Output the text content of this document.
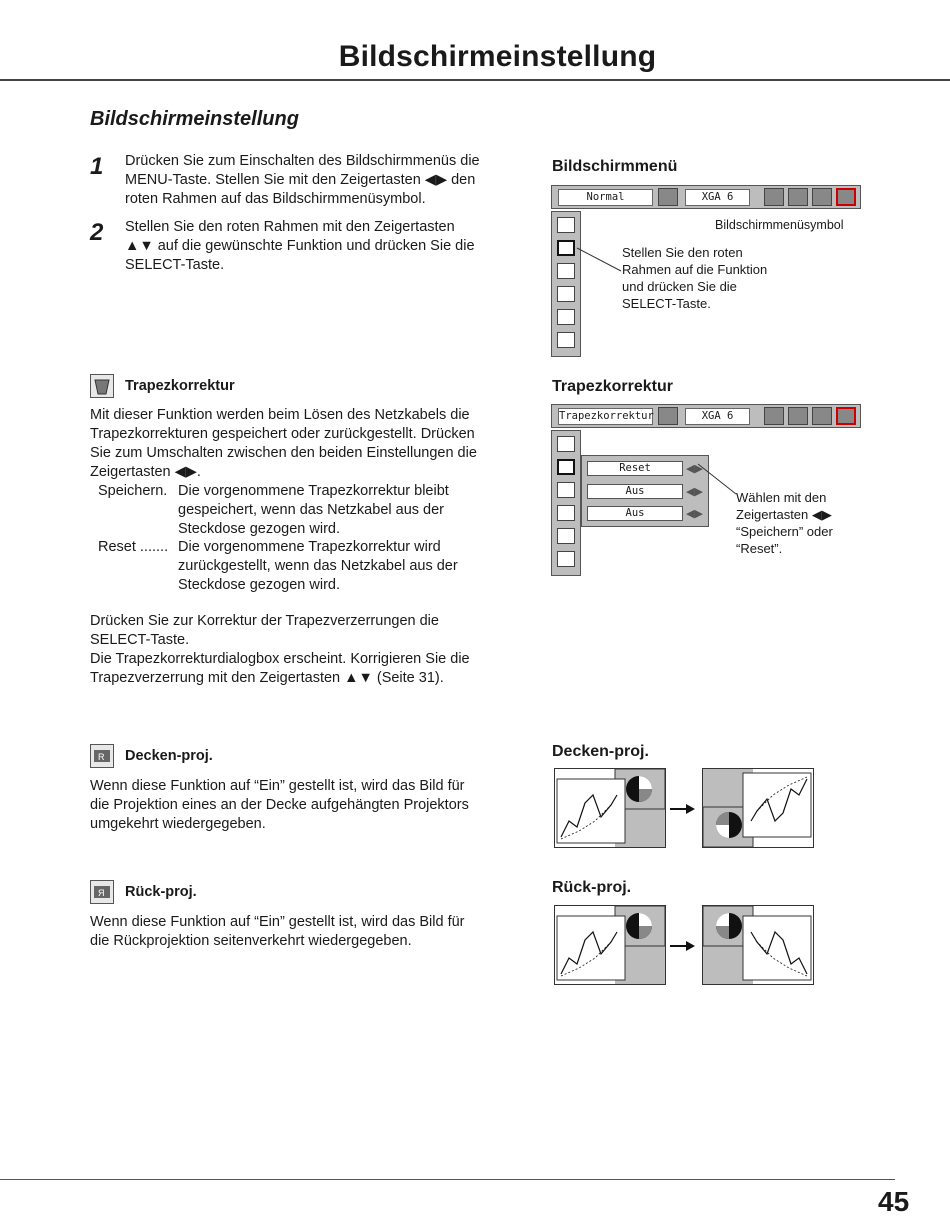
Bildschirmeinstellung
Bildschirmeinstellung
1 Drücken Sie zum Einschalten des Bildschirmmenüs die
MENU-Taste. Stellen Sie mit den Zeigertasten ◀▶ den
roten Rahmen auf das Bildschirmmenüsymbol.
2 Stellen Sie den roten Rahmen mit den Zeigertasten
▲▼ auf die gewünschte Funktion und drücken Sie die
SELECT-Taste.
Bildschirmmenü
Normal	XGA 6
Bildschirmmenüsymbol
Stellen Sie den roten
Rahmen auf die Funktion
und drücken Sie die
SELECT-Taste.
Trapezkorrektur
Mit dieser Funktion werden beim Lösen des Netzkabels die
Trapezkorrekturen gespeichert oder zurückgestellt. Drücken
Sie zum Umschalten zwischen den beiden Einstellungen die
Zeigertasten ◀▶.
Speichern. Die vorgenommene Trapezkorrektur bleibt
gespeichert, wenn das Netzkabel aus der
Steckdose gezogen wird.
Reset ....... Die vorgenommene Trapezkorrektur wird
zurückgestellt, wenn das Netzkabel aus der
Steckdose gezogen wird.
Drücken Sie zur Korrektur der Trapezverzerrungen die
SELECT-Taste.
Die Trapezkorrekturdialogbox erscheint. Korrigieren Sie die
Trapezverzerrung mit den Zeigertasten ▲▼ (Seite 31).
Trapezkorrektur
Trapezkorrektur	XGA 6
Reset
Aus
Aus
◀▶
◀▶
◀▶
Wählen mit den
Zeigertasten ◀▶
“Speichern” oder
“Reset”.
R Decken-proj.
Wenn diese Funktion auf “Ein” gestellt ist, wird das Bild für
die Projektion eines an der Decke aufgehängten Projektors
umgekehrt wiedergegeben.
Decken-proj.
Я Rück-proj.
Wenn diese Funktion auf “Ein” gestellt ist, wird das Bild für
die Rückprojektion seitenverkehrt wiedergegeben.
Rück-proj.
45
